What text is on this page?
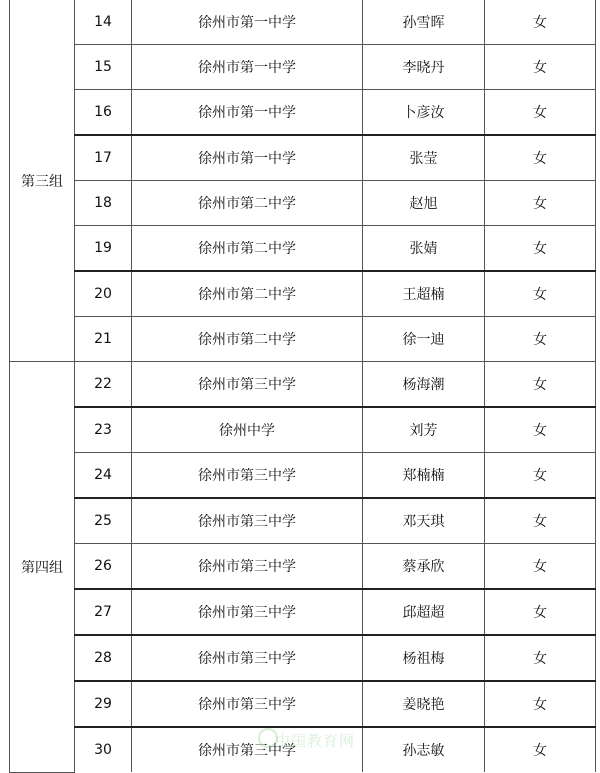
第三组	14	徐州市第一中学	孙雪晖	女
	15	徐州市第一中学	李晓丹	女
	16	徐州市第一中学	卜彦汝	女
	17	徐州市第一中学	张莹	女
	18	徐州市第二中学	赵旭	女
	19	徐州市第二中学	张婧	女
	20	徐州市第二中学	王超楠	女
	21	徐州市第二中学	徐一迪	女
第四组	22	徐州市第三中学	杨海潮	女
	23	徐州中学	刘芳	女
	24	徐州市第三中学	郑楠楠	女
	25	徐州市第三中学	邓天琪	女
	26	徐州市第三中学	蔡承欣	女
	27	徐州市第三中学	邱超超	女
	28	徐州市第三中学	杨祖梅	女
	29	徐州市第三中学	姜晓艳	女
	30	徐州市第三中学	孙志敏	女
中国教育网
